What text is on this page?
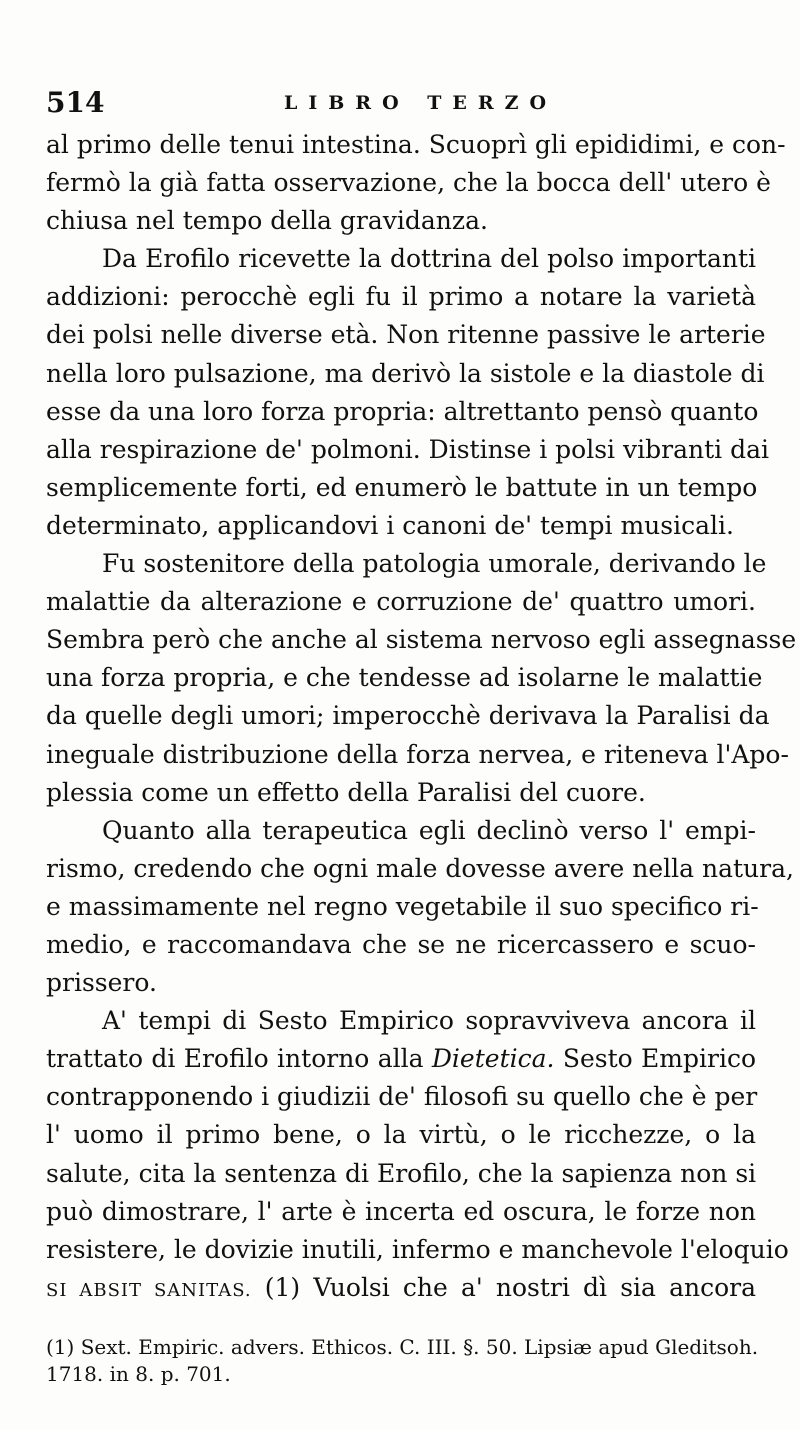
514	LIBRO TERZO
al primo delle tenui intestina. Scuoprì gli epididimi, e con-
fermò la già fatta osservazione, che la bocca dell' utero è
chiusa nel tempo della gravidanza.
Da Erofilo ricevette la dottrina del polso importanti
addizioni: perocchè egli fu il primo a notare la varietà
dei polsi nelle diverse età. Non ritenne passive le arterie
nella loro pulsazione, ma derivò la sistole e la diastole di
esse da una loro forza propria: altrettanto pensò quanto
alla respirazione de' polmoni. Distinse i polsi vibranti dai
semplicemente forti, ed enumerò le battute in un tempo
determinato, applicandovi i canoni de' tempi musicali.
Fu sostenitore della patologia umorale, derivando le
malattie da alterazione e corruzione de' quattro umori.
Sembra però che anche al sistema nervoso egli assegnasse
una forza propria, e che tendesse ad isolarne le malattie
da quelle degli umori; imperocchè derivava la Paralisi da
ineguale distribuzione della forza nervea, e riteneva l'Apo-
plessia come un effetto della Paralisi del cuore.
Quanto alla terapeutica egli declinò verso l' empi-
rismo, credendo che ogni male dovesse avere nella natura,
e massimamente nel regno vegetabile il suo specifico ri-
medio, e raccomandava che se ne ricercassero e scuo-
prissero.
A' tempi di Sesto Empirico sopravviveva ancora il
trattato di Erofilo intorno alla Dietetica. Sesto Empirico
contrapponendo i giudizii de' filosofi su quello che è per
l' uomo il primo bene, o la virtù, o le ricchezze, o la
salute, cita la sentenza di Erofilo, che la sapienza non si
può dimostrare, l' arte è incerta ed oscura, le forze non
resistere, le dovizie inutili, infermo e manchevole l'eloquio
SI ABSIT SANITAS. (1) Vuolsi che a' nostri dì sia ancora
(1) Sext. Empiric. advers. Ethicos. C. III. §. 50. Lipsiæ apud Gleditsoh.
1718. in 8. p. 701.
